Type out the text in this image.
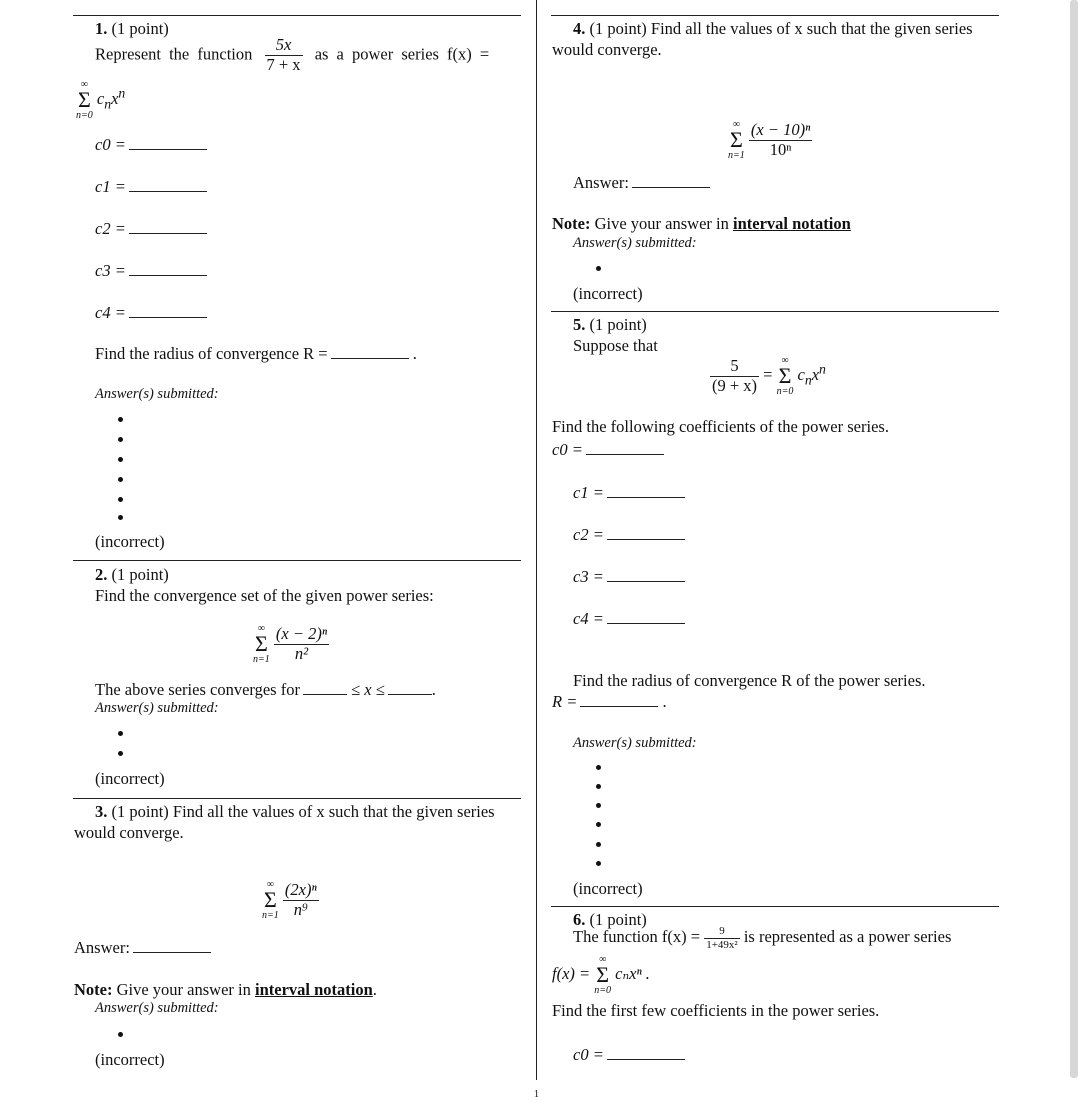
1. (1 point)
Represent the function $\frac{5x}{7 + x}$ as a power series f(x) =
∞
Σ
n=0
$c_nx^n$
c0 =
c1 =
c2 =
c3 =
c4 =
Find the radius of convergence R =	.
Answer(s) submitted:
(incorrect)
2. (1 point)
Find the convergence set of the given power series:
∞
Σ
n=1
$\frac{\text{(x − 2)ⁿ}}{\text{n²}}$
The above series converges for	≤ x ≤	.
Answer(s) submitted:
(incorrect)
3. (1 point) Find all the values of x such that the given series
would converge.
∞
Σ
n=1
$\frac{\text{(2x)ⁿ}}{\text{n⁹}}$
Answer:
Note: Give your answer in interval notation.
Answer(s) submitted:
(incorrect)
4. (1 point) Find all the values of x such that the given series
would converge.
∞
Σ
n=1
$\frac{\text{(x − 10)ⁿ}}{\text{10ⁿ}}$
Answer:
Note: Give your answer in interval notation
Answer(s) submitted:
(incorrect)
5. (1 point)
Suppose that
$\frac{5}{(9 + x)}$ =
∞
Σ
n=0
$c_nx^n$
Find the following coefficients of the power series.
c0 =
c1 =
c2 =
c3 =
c4 =
Find the radius of convergence R of the power series.
R =	.
Answer(s) submitted:
(incorrect)
6. (1 point)
The function $f(x) = \frac{9}{\text{1+49x²}}$ is represented as a power series
f(x) =
∞
Σ
n=0
cₙxⁿ .
Find the first few coefficients in the power series.
c0 =
1
